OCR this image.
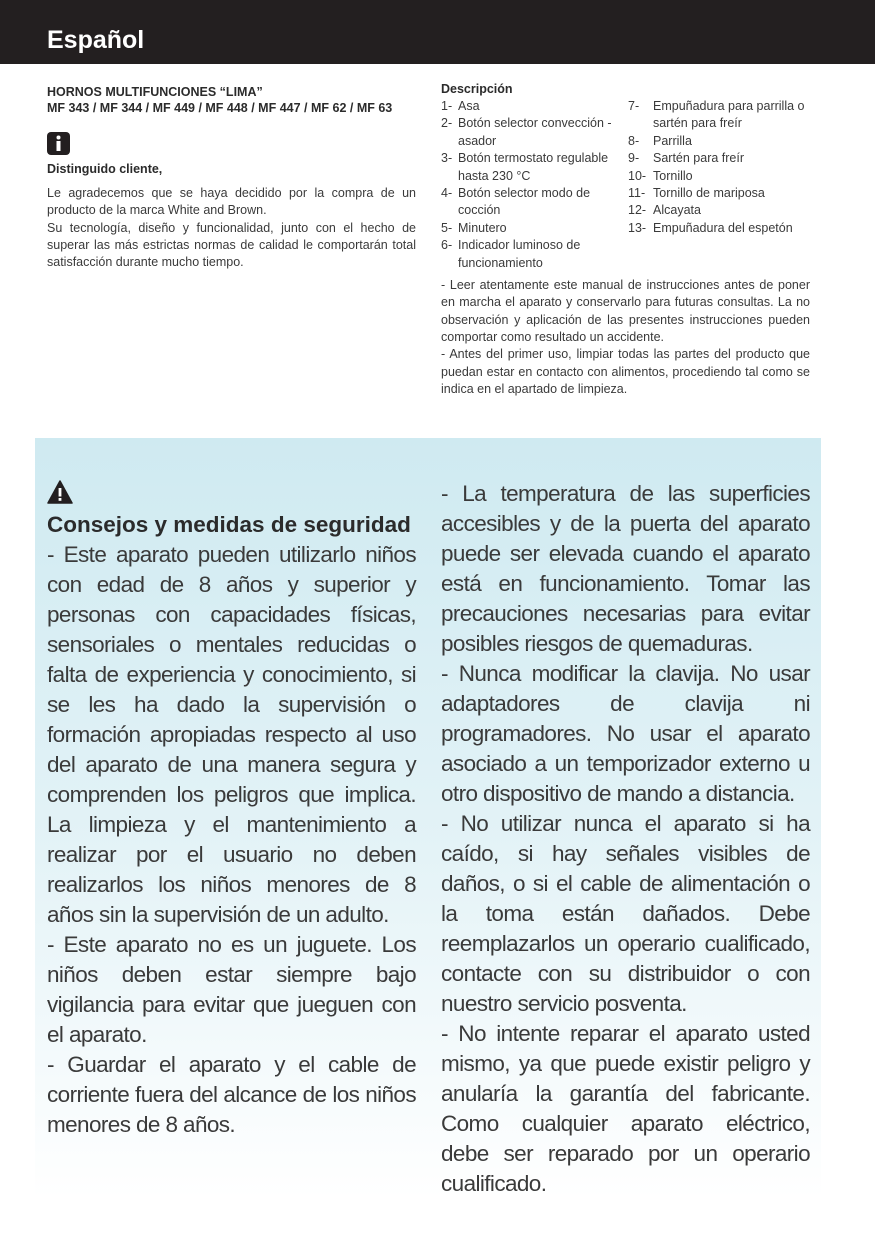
Español

HORNOS MULTIFUNCIONES “LIMA”
MF 343 / MF 344 / MF 449 / MF 448 / MF 447 / MF 62 / MF 63

Distinguido cliente,

Le agradecemos que se haya decidido por la compra de un producto de la marca White and Brown.

Su tecnología, diseño y funcionalidad, junto con el hecho de superar las más estrictas normas de calidad le comportarán total satisfacción durante mucho tiempo.

Descripción
1- Asa
2- Botón selector convección - asador
3- Botón termostato regulable hasta 230 °C
4- Botón selector modo de cocción
5- Minutero
6- Indicador luminoso de funcionamiento
7-	Empuñadura para parrilla o sartén para freír
8-	Parrilla
9-	Sartén para freír
10- Tornillo
11- Tornillo de mariposa
12- Alcayata
13- Empuñadura del espetón

- Leer atentamente este manual de instrucciones antes de poner en marcha el aparato y conservarlo para futuras consultas. La no observación y aplicación de las presentes instrucciones pueden comportar como resultado un accidente.

- Antes del primer uso, limpiar todas las partes del producto que puedan estar en contacto con alimentos, procediendo tal como se indica en el apartado de limpieza.

Consejos y medidas de seguridad

- Este aparato pueden utilizarlo niños con edad de 8 años y superior y personas con capacidades físicas, sensoriales o mentales reducidas o falta de experiencia y conocimiento, si se les ha dado la supervisión o formación apropiadas respecto al uso del aparato de una manera segura y comprenden los peligros que implica. La limpieza y el mantenimiento a realizar por el usuario no deben realizarlos los niños menores de 8 años sin la supervisión de un adulto.

- Este aparato no es un juguete. Los niños deben estar siempre bajo vigilancia para evitar que jueguen con el aparato.

- Guardar el aparato y el cable de corriente fuera del alcance de los niños menores de 8 años.

- La temperatura de las superficies accesibles y de la puerta del aparato puede ser elevada cuando el aparato está en funcionamiento. Tomar las precauciones necesarias para evitar posibles riesgos de quemaduras.

- Nunca modificar la clavija. No usar adaptadores de clavija ni programadores. No usar el aparato asociado a un temporizador externo u otro dispositivo de mando a distancia.

- No utilizar nunca el aparato si ha caído, si hay señales visibles de daños, o si el cable de alimentación o la toma están dañados. Debe reemplazarlos un operario cualificado, contacte con su distribuidor o con nuestro servicio posventa.

- No intente reparar el aparato usted mismo, ya que puede existir peligro y anularía la garantía del fabricante. Como cualquier aparato eléctrico, debe ser reparado por un operario cualificado.
